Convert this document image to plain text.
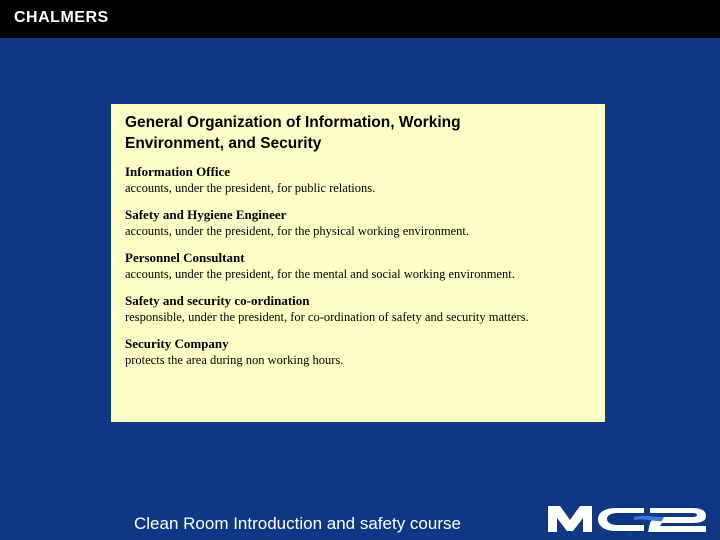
CHALMERS
General Organization of Information, Working
Environment, and Security
Information Office
accounts, under the president, for public relations.
Safety and Hygiene Engineer
accounts, under the president, for the physical working environment.
Personnel Consultant
accounts, under the president, for the mental and social working environment.
Safety and security co-ordination
responsible, under the president, for co-ordination of safety and security matters.
Security Company
protects the area during non working hours.
Clean Room Introduction and safety course
MC2
